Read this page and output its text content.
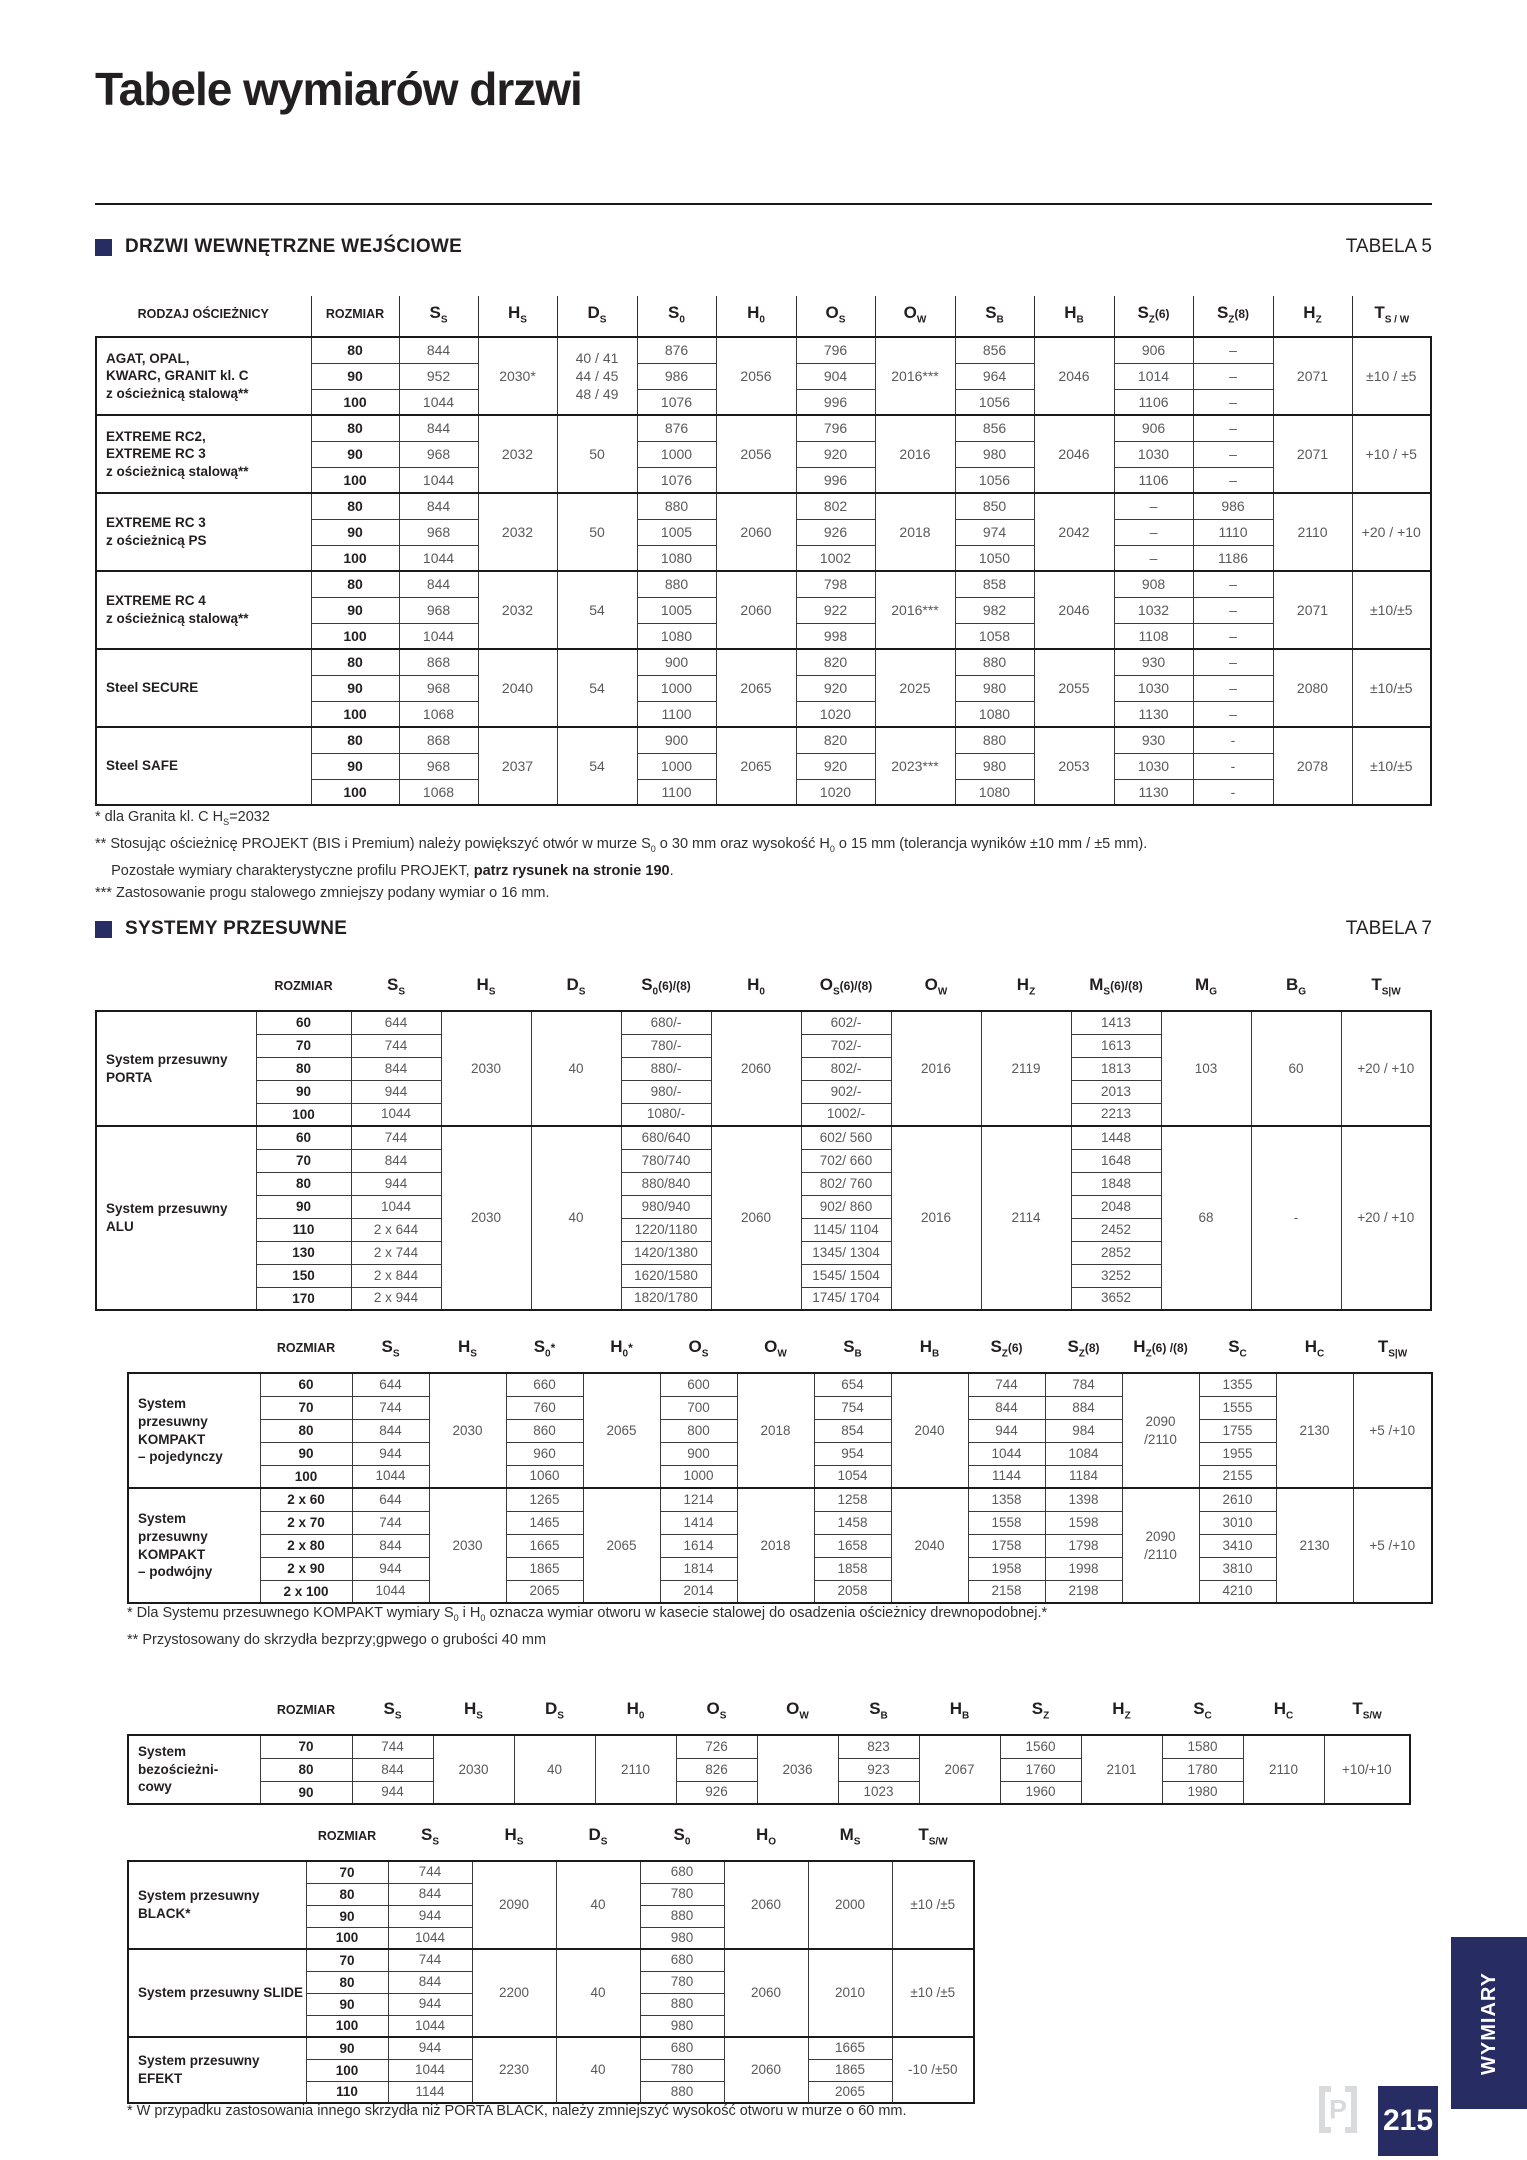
Tabele wymiarów drzwi
DRZWI WEWNĘTRZNE WEJŚCIOWE	TABELA 5
RODZAJ OŚCIEŻNICY	ROZMIAR	$S_S$	$H_S$	$D_S$	$S_0$	$H_0$	$O_S$	$O_W$	$S_B$	$H_B$	$S_Z(6)$	$S_Z(8)$	$H_Z$	$T_{S / W}$
AGAT, OPAL,
KWARC, GRANIT kl. C
z ościeżnicą stalową**	80	844	2030*	40 / 41
44 / 45
48 / 49	876	2056	796	2016***	856	2046	906	–	2071	±10 / ±5
	90	952			986		904		964		1014	–		
	100	1044			1076		996		1056		1106	–		
EXTREME RC2,
EXTREME RC 3
z ościeżnicą stalową**	80	844	2032	50	876	2056	796	2016	856	2046	906	–	2071	+10 / +5
	90	968			1000		920		980		1030	–		
	100	1044			1076		996		1056		1106	–		
EXTREME RC 3
z ościeżnicą PS	80	844	2032	50	880	2060	802	2018	850	2042	–	986	2110	+20 / +10
	90	968			1005		926		974		–	1110		
	100	1044			1080		1002		1050		–	1186		
EXTREME RC 4
z ościeżnicą stalową**	80	844	2032	54	880	2060	798	2016***	858	2046	908	–	2071	±10/±5
	90	968			1005		922		982		1032	–		
	100	1044			1080		998		1058		1108	–		
Steel SECURE	80	868	2040	54	900	2065	820	2025	880	2055	930	–	2080	±10/±5
	90	968			1000		920		980		1030	–		
	100	1068			1100		1020		1080		1130	–		
Steel SAFE	80	868	2037	54	900	2065	820	2023***	880	2053	930	-	2078	±10/±5
	90	968			1000		920		980		1030	-		
	100	1068			1100		1020		1080		1130	-		
* dla Granita kl. C $H_S=2032$
** Stosując ościeżnicę PROJEKT (BIS i Premium) należy powiększyć otwór w murze $S_0$ o 30 mm oraz wysokość $H_0$ o 15 mm (tolerancja wyników ±10 mm / ±5 mm).
Pozostałe wymiary charakterystyczne profilu PROJEKT, patrz rysunek na stronie 190.
*** Zastosowanie progu stalowego zmniejszy podany wymiar o 16 mm.
SYSTEMY PRZESUWNE	TABELA 7
	ROZMIAR	$S_S$	$H_S$	$D_S$	$S_0(6)/(8)$	$H_0$	$O_S(6)/(8)$	$O_W$	$H_Z$	$M_S(6)/(8)$	$M_G$	$B_G$	$T_{S|W}$
System przesuwny
PORTA	60	644	2030	40	680/-	2060	602/-	2016	2119	1413	103	60	+20 / +10
	70	744			780/-		702/-			1613			
	80	844			880/-		802/-			1813			
	90	944			980/-		902/-			2013			
	100	1044			1080/-		1002/-			2213			
System przesuwny
ALU	60	744	2030	40	680/640	2060	602/ 560	2016	2114	1448	68	-	+20 / +10
	70	844			780/740		702/ 660			1648			
	80	944			880/840		802/ 760			1848			
	90	1044			980/940		902/ 860			2048			
	110	2 x 644			1220/1180		1145/ 1104			2452			
	130	2 x 744			1420/1380		1345/ 1304			2852			
	150	2 x 844			1620/1580		1545/ 1504			3252			
	170	2 x 944			1820/1780		1745/ 1704			3652			
	ROZMIAR	$S_S$	$H_S$	$S_0*$	$H_0*$	$O_S$	$O_W$	$S_B$	$H_B$	$S_Z(6)$	$S_Z(8)$	$H_Z(6)$ /(8)	$S_C$	$H_C$	$T_{S|W}$
System
przesuwny
KOMPAKT
– pojedynczy	60	644	2030	660	2065	600	2018	654	2040	744	784	2090
/2110	1355	2130	+5 /+10
	70	744		760		700		754		844	884		1555		
	80	844		860		800		854		944	984		1755		
	90	944		960		900		954		1044	1084		1955		
	100	1044		1060		1000		1054		1144	1184		2155		
System
przesuwny
KOMPAKT
– podwójny	2 x 60	644	2030	1265	2065	1214	2018	1258	2040	1358	1398	2090
/2110	2610	2130	+5 /+10
	2 x 70	744		1465		1414		1458		1558	1598		3010		
	2 x 80	844		1665		1614		1658		1758	1798		3410		
	2 x 90	944		1865		1814		1858		1958	1998		3810		
	2 x 100	1044		2065		2014		2058		2158	2198		4210		
* Dla Systemu przesuwnego KOMPAKT wymiary $S_0$ i $H_0$ oznacza wymiar otworu w kasecie stalowej do osadzenia ościeżnicy drewnopodobnej.*
** Przystosowany do skrzydła bezprzy;gpwego o grubości 40 mm
	ROZMIAR	$S_S$	$H_S$	$D_S$	$H_0$	$O_S$	$O_W$	$S_B$	$H_B$	$S_Z$	$H_Z$	$S_C$	$H_C$	$T_{S/W}$
System
bezościeżni-
cowy	70	744	2030	40	2110	726	2036	823	2067	1560	2101	1580	2110	+10/+10
	80	844				826		923		1760		1780		
	90	944				926		1023		1960		1980		
	ROZMIAR	$S_S$	$H_S$	$D_S$	$S_0$	$H_O$	$M_S$	$T_{S/W}$
System przesuwny BLACK*	70	744	2090	40	680	2060	2000	±10 /±5
	80	844			780			
	90	944			880			
	100	1044			980			
System przesuwny SLIDE	70	744	2200	40	680	2060	2010	±10 /±5
	80	844			780			
	90	944			880			
	100	1044			980			
System przesuwny
EFEKT	90	944	2230	40	680	2060	1665	-10 /±50
	100	1044			780		1865	
	110	1144			880		2065	
* W przypadku zastosowania innego skrzydła niż PORTA BLACK, należy zmniejszyć wysokość otworu w murze o 60 mm.	P	215
WYMIARY
